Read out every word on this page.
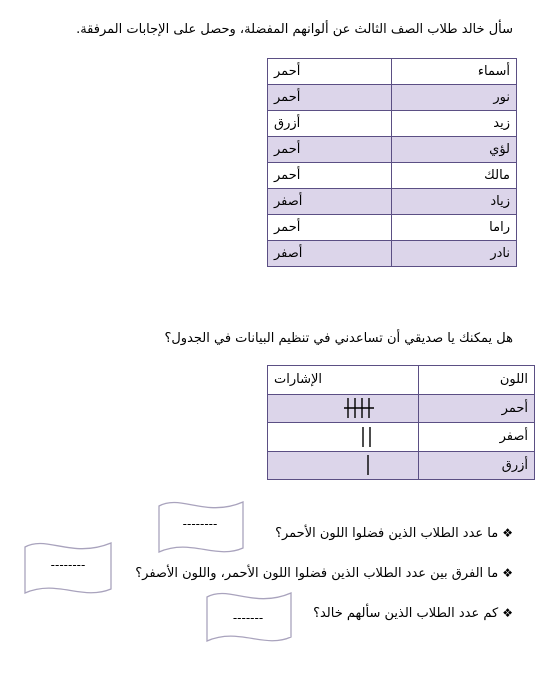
سأل خالد طلاب الصف الثالث عن ألوانهم المفضلة، وحصل على الإجابات المرفقة.
أسماء	أحمر
نور	أحمر
زيد	أزرق
لؤي	أحمر
مالك	أحمر
زياد	أصفر
راما	أحمر
نادر	أصفر
هل يمكنك يا صديقي أن تساعدني في تنظيم البيانات في الجدول؟
اللون	الإشارات
أحمر	
أصفر	
أزرق	
--------
--------
-------
❖ما عدد الطلاب الذين فضلوا اللون الأحمر؟
❖ما الفرق بين عدد الطلاب الذين فضلوا اللون الأحمر، واللون الأصفر؟
❖كم عدد الطلاب الذين سألهم خالد؟
